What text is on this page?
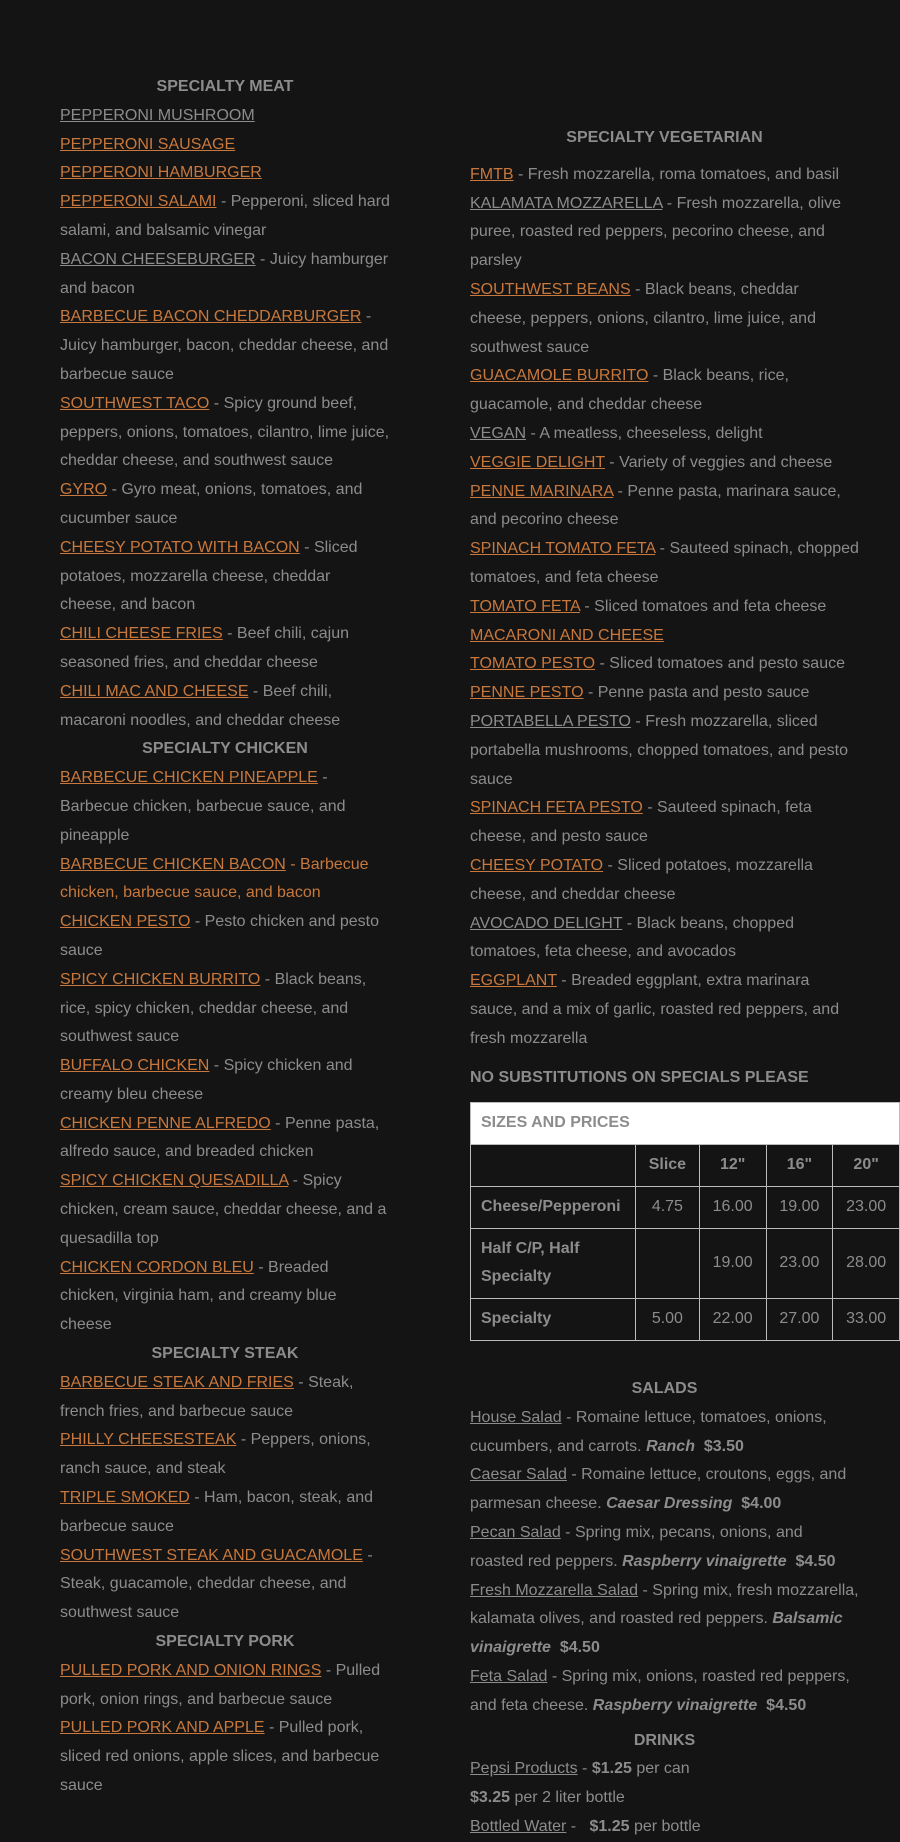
SPECIALTY MEAT
PEPPERONI MUSHROOM
PEPPERONI SAUSAGE
PEPPERONI HAMBURGER
PEPPERONI SALAMI - Pepperoni, sliced hard salami, and balsamic vinegar
BACON CHEESEBURGER - Juicy hamburger and bacon
BARBECUE BACON CHEDDARBURGER - Juicy hamburger, bacon, cheddar cheese, and barbecue sauce
SOUTHWEST TACO - Spicy ground beef, peppers, onions, tomatoes, cilantro, lime juice, cheddar cheese, and southwest sauce
GYRO - Gyro meat, onions, tomatoes, and cucumber sauce
CHEESY POTATO WITH BACON - Sliced potatoes, mozzarella cheese, cheddar cheese, and bacon
CHILI CHEESE FRIES - Beef chili, cajun seasoned fries, and cheddar cheese
CHILI MAC AND CHEESE - Beef chili, macaroni noodles, and cheddar cheese
SPECIALTY CHICKEN
BARBECUE CHICKEN PINEAPPLE - Barbecue chicken, barbecue sauce, and pineapple
BARBECUE CHICKEN BACON - Barbecue chicken, barbecue sauce, and bacon
CHICKEN PESTO - Pesto chicken and pesto sauce
SPICY CHICKEN BURRITO - Black beans, rice, spicy chicken, cheddar cheese, and southwest sauce
BUFFALO CHICKEN - Spicy chicken and creamy bleu cheese
CHICKEN PENNE ALFREDO - Penne pasta, alfredo sauce, and breaded chicken
SPICY CHICKEN QUESADILLA - Spicy chicken, cream sauce, cheddar cheese, and a quesadilla top
CHICKEN CORDON BLEU - Breaded chicken, virginia ham, and creamy blue cheese
SPECIALTY STEAK
BARBECUE STEAK AND FRIES - Steak, french fries, and barbecue sauce
PHILLY CHEESESTEAK - Peppers, onions, ranch sauce, and steak
TRIPLE SMOKED - Ham, bacon, steak, and barbecue sauce
SOUTHWEST STEAK AND GUACAMOLE - Steak, guacamole, cheddar cheese, and southwest sauce
SPECIALTY PORK
PULLED PORK AND ONION RINGS - Pulled pork, onion rings, and barbecue sauce
PULLED PORK AND APPLE - Pulled pork, sliced red onions, apple slices, and barbecue sauce
SPECIALTY VEGETARIAN
FMTB - Fresh mozzarella, roma tomatoes, and basil
KALAMATA MOZZARELLA - Fresh mozzarella, olive puree, roasted red peppers, pecorino cheese, and parsley
SOUTHWEST BEANS - Black beans, cheddar cheese, peppers, onions, cilantro, lime juice, and southwest sauce
GUACAMOLE BURRITO - Black beans, rice, guacamole, and cheddar cheese
VEGAN - A meatless, cheeseless, delight
VEGGIE DELIGHT - Variety of veggies and cheese
PENNE MARINARA - Penne pasta, marinara sauce, and pecorino cheese
SPINACH TOMATO FETA - Sauteed spinach, chopped tomatoes, and feta cheese
TOMATO FETA - Sliced tomatoes and feta cheese
MACARONI AND CHEESE
TOMATO PESTO - Sliced tomatoes and pesto sauce
PENNE PESTO - Penne pasta and pesto sauce
PORTABELLA PESTO - Fresh mozzarella, sliced portabella mushrooms, chopped tomatoes, and pesto sauce
SPINACH FETA PESTO - Sauteed spinach, feta cheese, and pesto sauce
CHEESY POTATO - Sliced potatoes, mozzarella cheese, and cheddar cheese
AVOCADO DELIGHT - Black beans, chopped tomatoes, feta cheese, and avocados
EGGPLANT - Breaded eggplant, extra marinara sauce, and a mix of garlic, roasted red peppers, and fresh mozzarella
NO SUBSTITUTIONS ON SPECIALS PLEASE
SIZES AND PRICES				
	Slice	12"	16"	20"
Cheese/Pepperoni	4.75	16.00	19.00	23.00
Half C/P, Half Specialty		19.00	23.00	28.00
Specialty	5.00	22.00	27.00	33.00
SALADS
House Salad - Romaine lettuce, tomatoes, onions, cucumbers, and carrots. Ranch  $3.50
Caesar Salad - Romaine lettuce, croutons, eggs, and parmesan cheese. Caesar Dressing  $4.00
Pecan Salad - Spring mix, pecans, onions, and roasted red peppers. Raspberry vinaigrette  $4.50
Fresh Mozzarella Salad - Spring mix, fresh mozzarella, kalamata olives, and roasted red peppers. Balsamic vinaigrette  $4.50
Feta Salad - Spring mix, onions, roasted red peppers, and feta cheese. Raspberry vinaigrette  $4.50
DRINKS
Pepsi Products - $1.25 per can
$3.25 per 2 liter bottle
Bottled Water -   $1.25 per bottle
